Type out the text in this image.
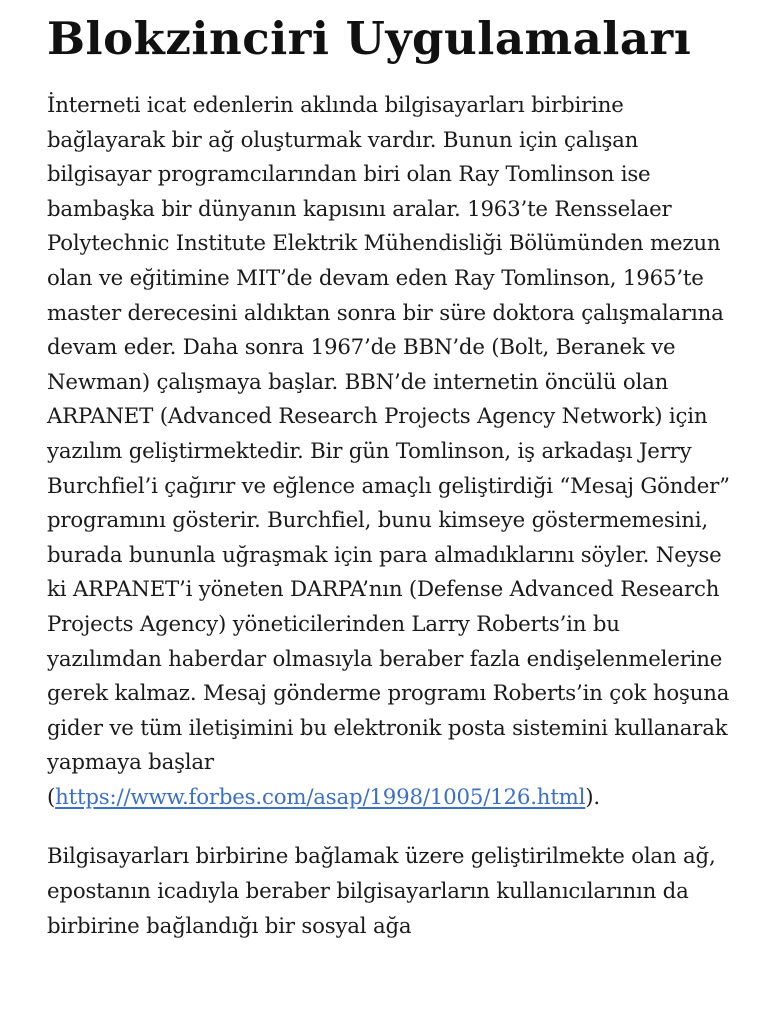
Blokzinciri Uygulamaları

İnterneti icat edenlerin aklında bilgisayarları birbirine bağlayarak bir ağ oluşturmak vardır. Bunun için çalışan bilgisayar programcılarından biri olan Ray Tomlinson ise bambaşka bir dünyanın kapısını aralar. 1963’te Rensselaer Polytechnic Institute Elektrik Mühendisliği Bölümünden mezun olan ve eğitimine MIT’de devam eden Ray Tomlinson, 1965’te master derecesini aldıktan sonra bir süre doktora çalışmalarına devam eder. Daha sonra 1967’de BBN’de (Bolt, Beranek ve Newman) çalışmaya başlar. BBN’de internetin öncülü olan ARPANET (Advanced Research Projects Agency Network) için yazılım geliştirmektedir. Bir gün Tomlinson, iş arkadaşı Jerry Burchfiel’i çağırır ve eğlence amaçlı geliştirdiği “Mesaj Gönder” programını gösterir. Burchfiel, bunu kimseye göstermemesini, burada bununla uğraşmak için para almadıklarını söyler. Neyse ki ARPANET’i yöneten DARPA’nın (Defense Advanced Research Projects Agency) yöneticilerinden Larry Roberts’in bu yazılımdan haberdar olmasıyla beraber fazla endişelenmelerine gerek kalmaz. Mesaj gönderme programı Roberts’in çok hoşuna gider ve tüm iletişimini bu elektronik posta sistemini kullanarak yapmaya başlar (https://www.forbes.com/asap/1998/1005/126.html).

Bilgisayarları birbirine bağlamak üzere geliştirilmekte olan ağ, epostanın icadıyla beraber bilgisayarların kullanıcılarının da birbirine bağlandığı bir sosyal ağa
